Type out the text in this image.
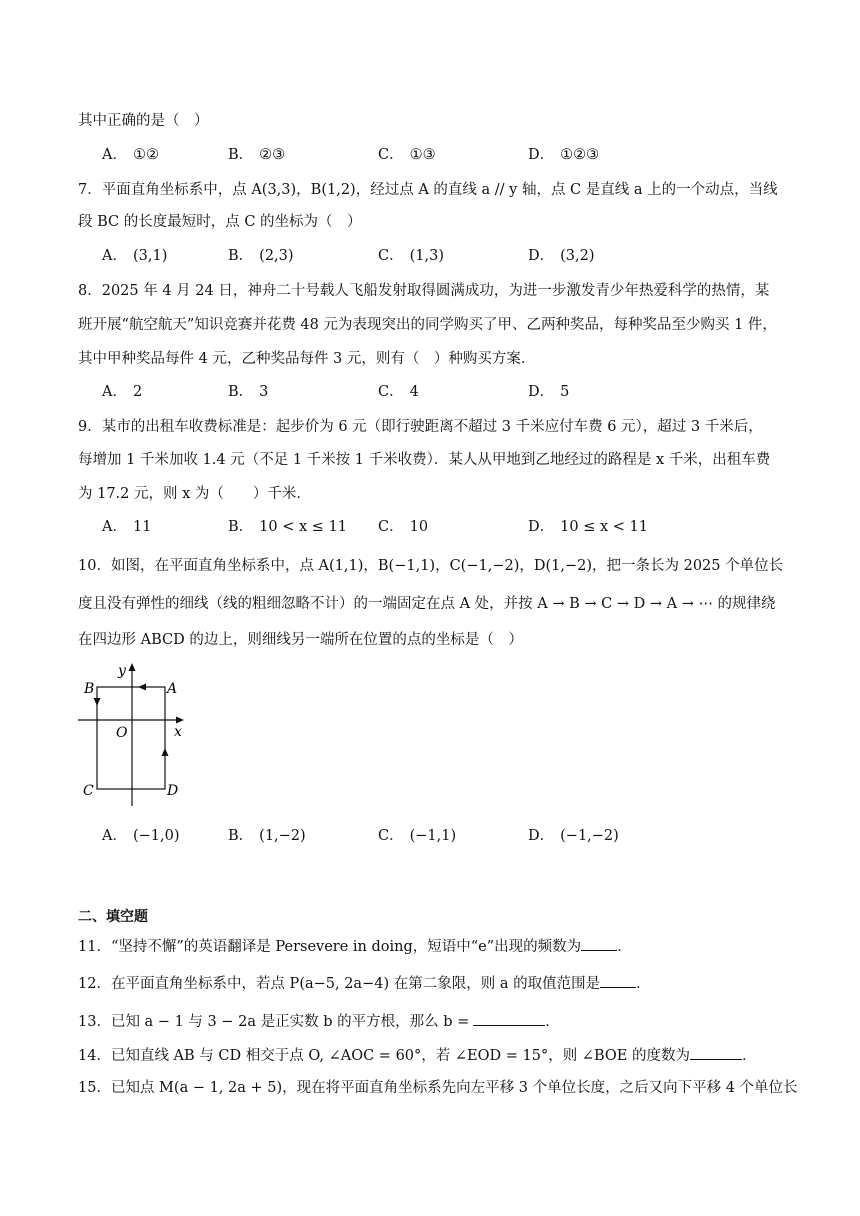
其中正确的是（　）
A． ①②	B． ②③	C． ①③	D． ①②③
7．平面直角坐标系中，点 A(3,3)，B(1,2)，经过点 A 的直线 a // y 轴，点 C 是直线 a 上的一个动点，当线
段 BC 的长度最短时，点 C 的坐标为（　）
A． (3,1)	B． (2,3)	C． (1,3)	D． (3,2)
8．2025 年 4 月 24 日，神舟二十号载人飞船发射取得圆满成功，为进一步激发青少年热爱科学的热情，某
班开展“航空航天”知识竞赛并花费 48 元为表现突出的同学购买了甲、乙两种奖品，每种奖品至少购买 1 件，
其中甲种奖品每件 4 元，乙种奖品每件 3 元，则有（　）种购买方案．
A． 2	B． 3	C． 4	D． 5
9．某市的出租车收费标准是：起步价为 6 元（即行驶距离不超过 3 千米应付车费 6 元），超过 3 千米后，
每增加 1 千米加收 1.4 元（不足 1 千米按 1 千米收费）．某人从甲地到乙地经过的路程是 x 千米，出租车费
为 17.2 元，则 x 为（　　）千米．
A． 11	B． 10 < x ≤ 11 C． 10	D． 10 ≤ x < 11
10．如图，在平面直角坐标系中，点 A(1,1)，B(−1,1)，C(−1,−2)，D(1,−2)，把一条长为 2025 个单位长
度且没有弹性的细线（线的粗细忽略不计）的一端固定在点 A 处，并按 A → B → C → D → A → ⋯ 的规律绕
在四边形 ABCD 的边上，则细线另一端所在位置的点的坐标是（　）
y
B	A
O	x
C	D
A． (−1,0)	B． (1,−2)	C． (−1,1)	D． (−1,−2)
二、填空题
11．“坚持不懈”的英语翻译是 Persevere in doing，短语中“e”出现的频数为 ．
12．在平面直角坐标系中，若点 P(a−5, 2a−4) 在第二象限，则 a 的取值范围是 ．
13．已知 a − 1 与 3 − 2a 是正实数 b 的平方根，那么 b =	．
14．已知直线 AB 与 CD 相交于点 O, ∠AOC = 60°，若 ∠EOD = 15°，则 ∠BOE 的度数为	．
15．已知点 M(a − 1, 2a + 5)，现在将平面直角坐标系先向左平移 3 个单位长度，之后又向下平移 4 个单位长
